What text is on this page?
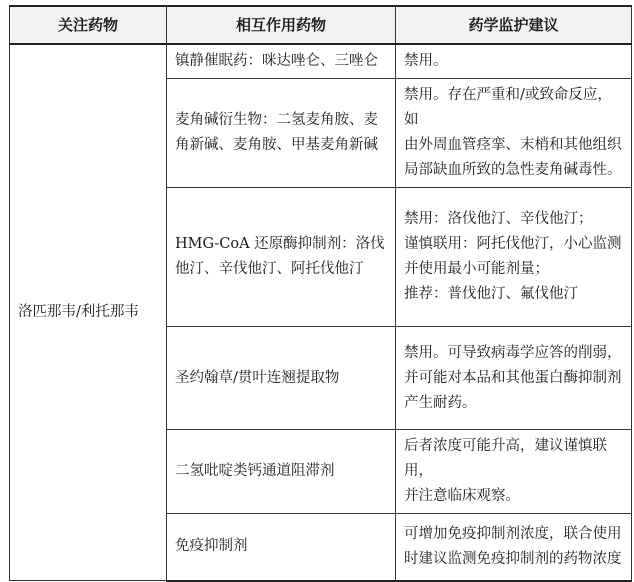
关注药物	相互作用药物	药学监护建议
洛匹那韦/利托那韦	镇静催眠药：咪达唑仑、三唑仑	禁用。

	麦角碱衍生物：二氢麦角胺、麦
角新碱、麦角胺、甲基麦角新碱	禁用。存在严重和/或致命反应，如
由外周血管痉挛、末梢和其他组织
局部缺血所致的急性麦角碱毒性。

	HMG-CoA 还原酶抑制剂：洛伐
他汀、辛伐他汀、阿托伐他汀	禁用：洛伐他汀、辛伐他汀；
谨慎联用：阿托伐他汀，小心监测
并使用最小可能剂量；
推荐：普伐他汀、氟伐他汀

	圣约翰草/贯叶连翘提取物	禁用。可导致病毒学应答的削弱，
并可能对本品和其他蛋白酶抑制剂
产生耐药。

	二氢吡啶类钙通道阻滞剂	后者浓度可能升高，建议谨慎联用，
并注意临床观察。

	免疫抑制剂	可增加免疫抑制剂浓度，联合使用
时建议监测免疫抑制剂的药物浓度
